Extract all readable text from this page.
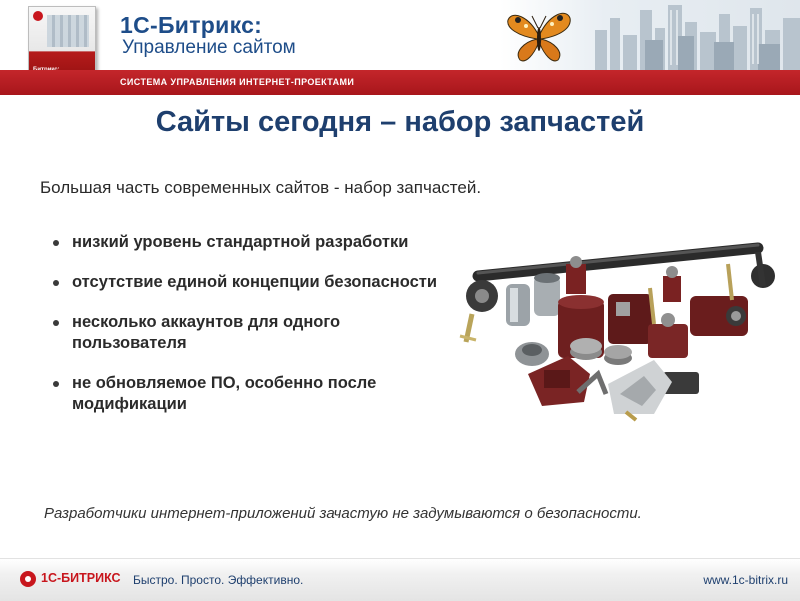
1С-Битрикс:
Управление сайтом
СИСТЕМА УПРАВЛЕНИЯ ИНТЕРНЕТ-ПРОЕКТАМИ
Сайты сегодня – набор запчастей
Большая часть современных сайтов - набор запчастей.
низкий уровень стандартной разработки
отсутствие единой концепции безопасности
несколько аккаунтов для одного пользователя
не обновляемое ПО, особенно после модификации
Разработчики интернет-приложений зачастую не задумываются о безопасности.
1С-БИТРИКС Быстро. Просто. Эффективно.	www.1c-bitrix.ru
